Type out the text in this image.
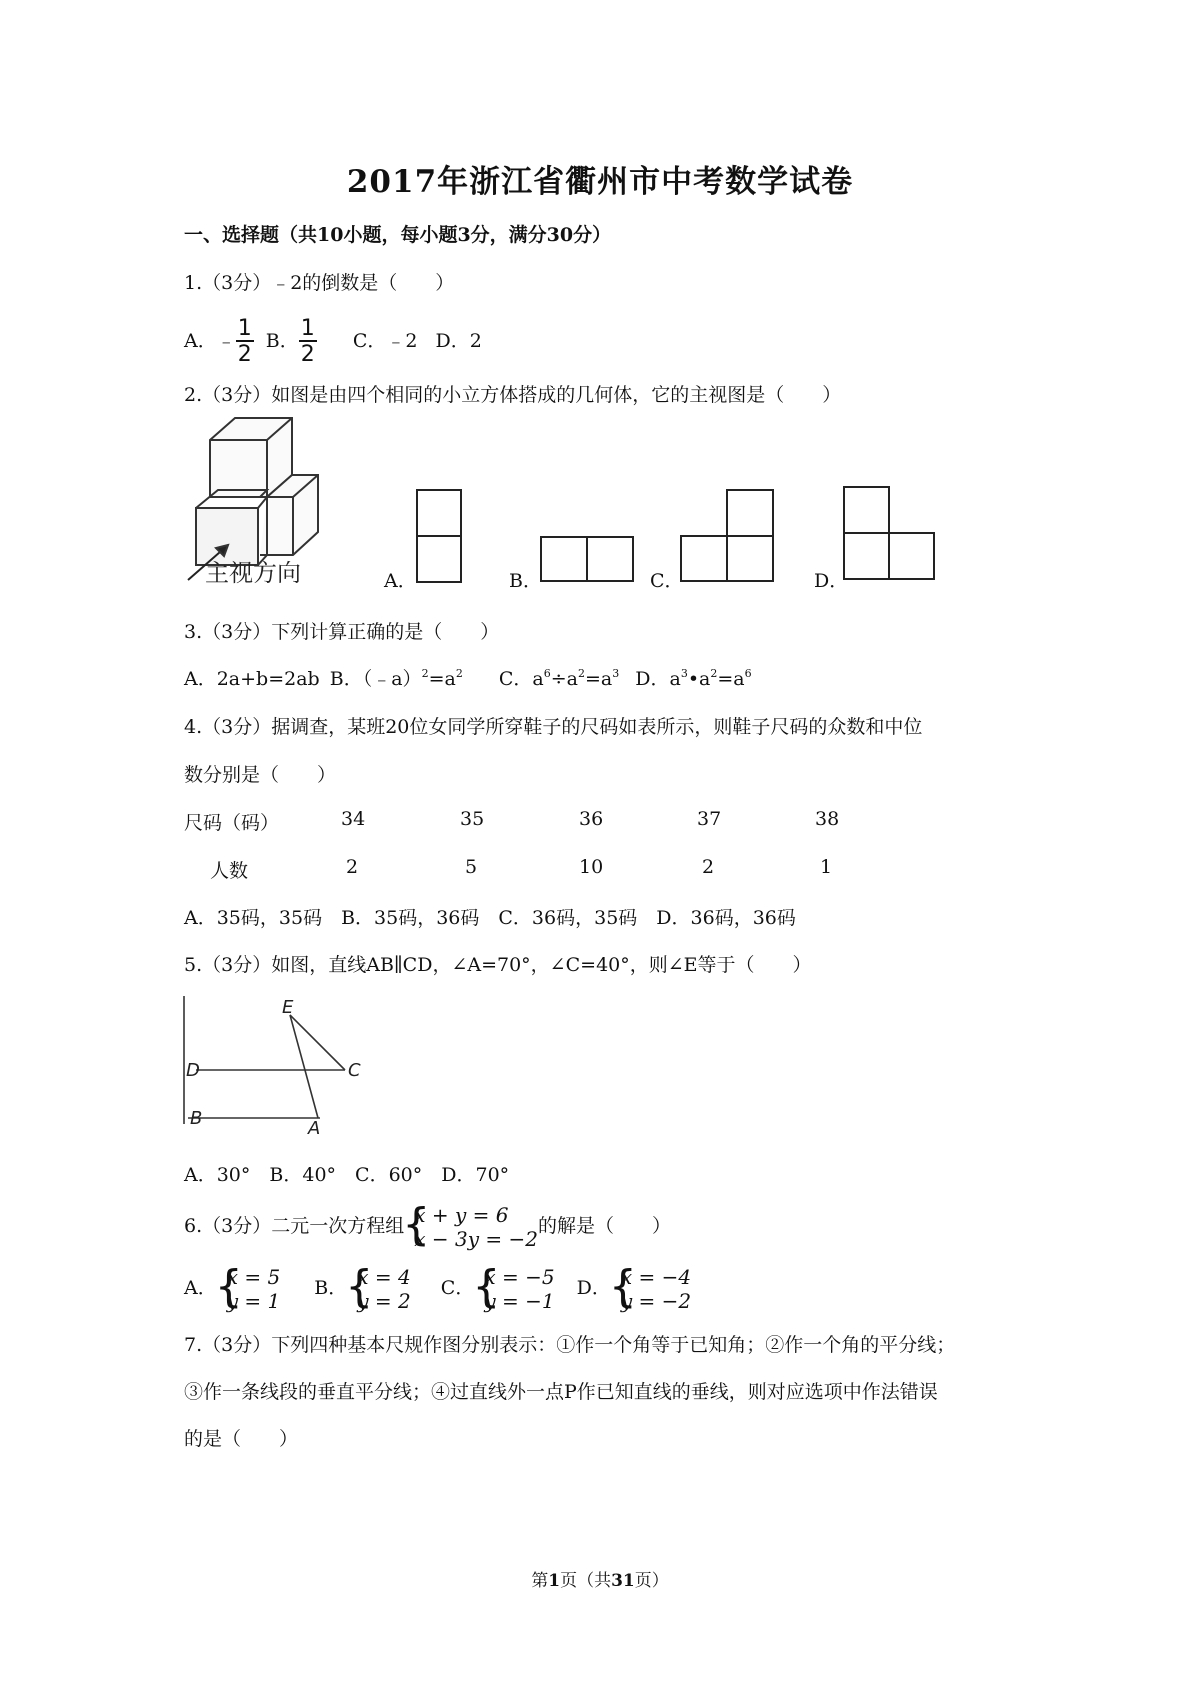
2017年浙江省衢州市中考数学试卷
一、选择题（共10小题，每小题3分，满分30分）
1.（3分）﹣2的倒数是（　　）
A．﹣ $\frac{1}{2}$ B． $\frac{1}{2}$ C．﹣2 D．2
2.（3分）如图是由四个相同的小立方体搭成的几何体，它的主视图是（　　）
主视方向
E
D	C
B	A
A．	B．	C．	D．
3.（3分）下列计算正确的是（　　）
A．2a+b=2ab B．$(﹣a)^2=a^2$ C．$a^6\div a^2=a^3$ D．$a^3•a^2=a^6$
4.（3分）据调查，某班20位女同学所穿鞋子的尺码如表所示，则鞋子尺码的众数和中位
数分别是（　　）
尺码（码）	34	35	36	37	38
人数	2	5	10	2	1
A．35码，35码　B．35码，36码　C．36码，35码　D．36码，36码
5.（3分）如图，直线AB∥CD，∠A=70°，∠C=40°，则∠E等于（　　）
A．30°　B．40°　C．60°　D．70°
6.（3分）二元一次方程组
{
x + y = 6
x − 3y = −2
的解是（　　）
A．
{
x = 5
y = 1
B．
{
x = 4
y = 2
C．
{
x = −5
y = −1
D．
{
x = −4
y = −2
7.（3分）下列四种基本尺规作图分别表示：①作一个角等于已知角；②作一个角的平分线；
③作一条线段的垂直平分线；④过直线外一点P作已知直线的垂线，则对应选项中作法错误
的是（　　）
第1页（共31页）
